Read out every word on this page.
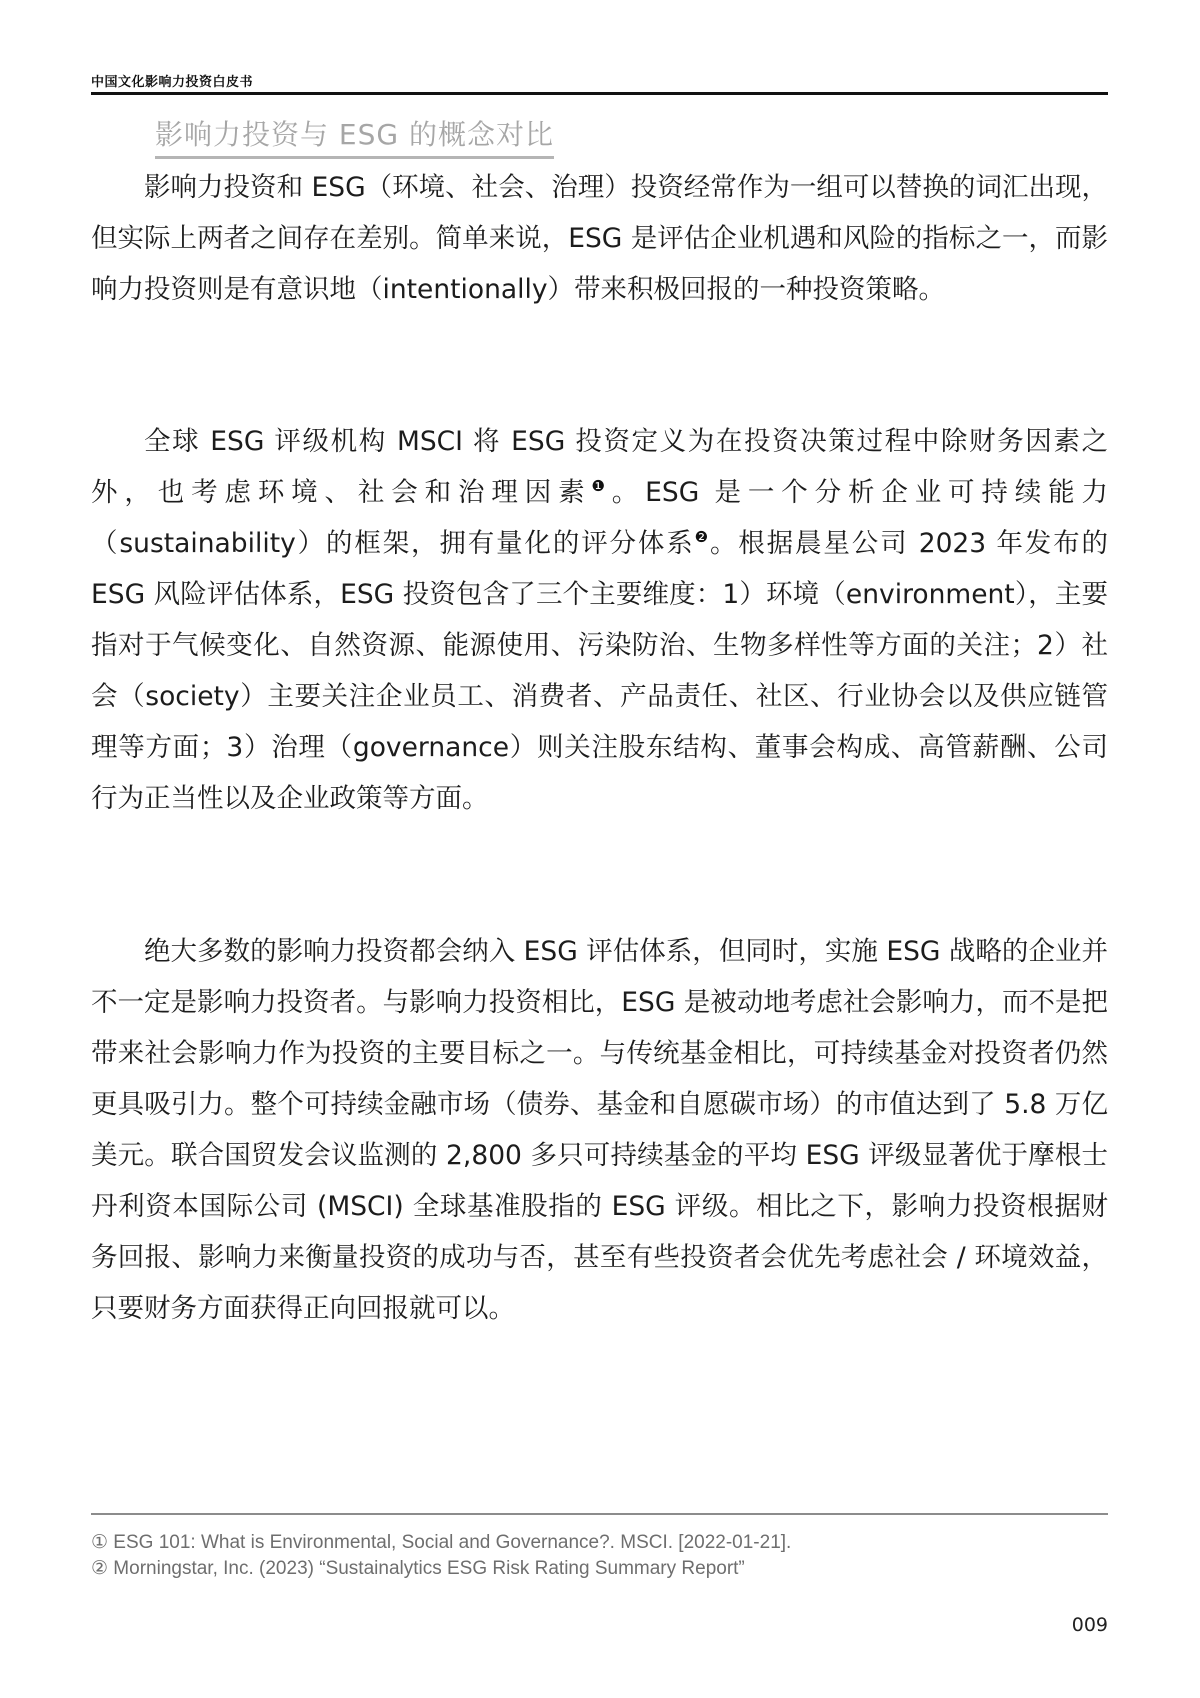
中国文化影响力投资白皮书
影响力投资与 ESG 的概念对比

影响力投资和 ESG（环境、社会、治理）投资经常作为一组可以替换的词汇出现，但实际上两者之间存在差别。简单来说，ESG 是评估企业机遇和风险的指标之一，而影响力投资则是有意识地（intentionally）带来积极回报的一种投资策略。

全球 ESG 评级机构 MSCI 将 ESG 投资定义为在投资决策过程中除财务因素之外，也考虑环境、社会和治理因素$^❶$。ESG 是一个分析企业可持续能力（sustainability）的框架，拥有量化的评分体系$^❷$。根据晨星公司 2023 年发布的 ESG 风险评估体系，ESG 投资包含了三个主要维度：1）环境（environment），主要指对于气候变化、自然资源、能源使用、污染防治、生物多样性等方面的关注；2）社会（society）主要关注企业员工、消费者、产品责任、社区、行业协会以及供应链管理等方面；3）治理（governance）则关注股东结构、董事会构成、高管薪酬、公司行为正当性以及企业政策等方面。

绝大多数的影响力投资都会纳入 ESG 评估体系，但同时，实施 ESG 战略的企业并不一定是影响力投资者。与影响力投资相比，ESG 是被动地考虑社会影响力，而不是把带来社会影响力作为投资的主要目标之一。与传统基金相比，可持续基金对投资者仍然更具吸引力。整个可持续金融市场（债券、基金和自愿碳市场）的市值达到了 5.8 万亿美元。联合国贸发会议监测的 2,800 多只可持续基金的平均 ESG 评级显著优于摩根士丹利资本国际公司 (MSCI) 全球基准股指的 ESG 评级。相比之下，影响力投资根据财务回报、影响力来衡量投资的成功与否，甚至有些投资者会优先考虑社会 / 环境效益，只要财务方面获得正向回报就可以。

① ESG 101: What is Environmental, Social and Governance?. MSCI. [2022-01-21].
② Morningstar, Inc. (2023) “Sustainalytics ESG Risk Rating Summary Report”
009
